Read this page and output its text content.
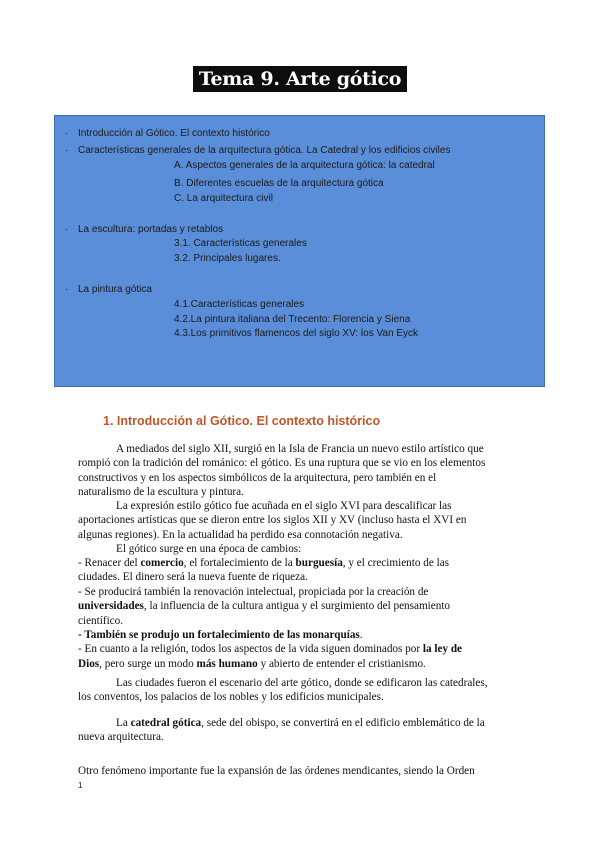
Tema 9. Arte gótico
· Introducción al Gótico. El contexto histórico
· Características generales de la arquitectura gótica. La Catedral y los edificios civiles
A. Aspectos generales de la arquitectura gótica: la catedral
B. Diferentes escuelas de la arquitectura gótica
C. La arquitectura civil
· La escultura: portadas y retablos
3.1. Características generales
3.2. Principales lugares.
· La pintura gótica
4.1.Características generales
4.2.La pintura italiana del Trecento: Florencia y Siena
4.3.Los primitivos flamencos del siglo XV: los Van Eyck
1. Introducción al Gótico. El contexto histórico
A mediados del siglo XII, surgió en la Isla de Francia un nuevo estilo artístico que
rompió con la tradición del románico: el gótico. Es una ruptura que se vio en los elementos
constructivos y en los aspectos simbólicos de la arquitectura, pero también en el
naturalismo de la escultura y pintura.
La expresión estilo gótico fue acuñada en el siglo XVI para descalificar las
aportaciones artísticas que se dieron entre los siglos XII y XV (incluso hasta el XVI en
algunas regiones). En la actualidad ha perdido esa connotación negativa.
El gótico surge en una época de cambios:
- Renacer del comercio, el fortalecimiento de la burguesía, y el crecimiento de las
ciudades. El dinero será la nueva fuente de riqueza.
- Se producirá también la renovación intelectual, propiciada por la creación de
universidades, la influencia de la cultura antigua y el surgimiento del pensamiento
científico.
- También se produjo un fortalecimiento de las monarquías.
- En cuanto a la religión, todos los aspectos de la vida siguen dominados por la ley de
Dios, pero surge un modo más humano y abierto de entender el cristianismo.
Las ciudades fueron el escenario del arte gótico, donde se edificaron las catedrales,
los conventos, los palacios de los nobles y los edificios municipales.
La catedral gótica, sede del obispo, se convertirá en el edificio emblemático de la
nueva arquitectura.
Otro fenómeno importante fue la expansión de las órdenes mendicantes, siendo la Orden
1
